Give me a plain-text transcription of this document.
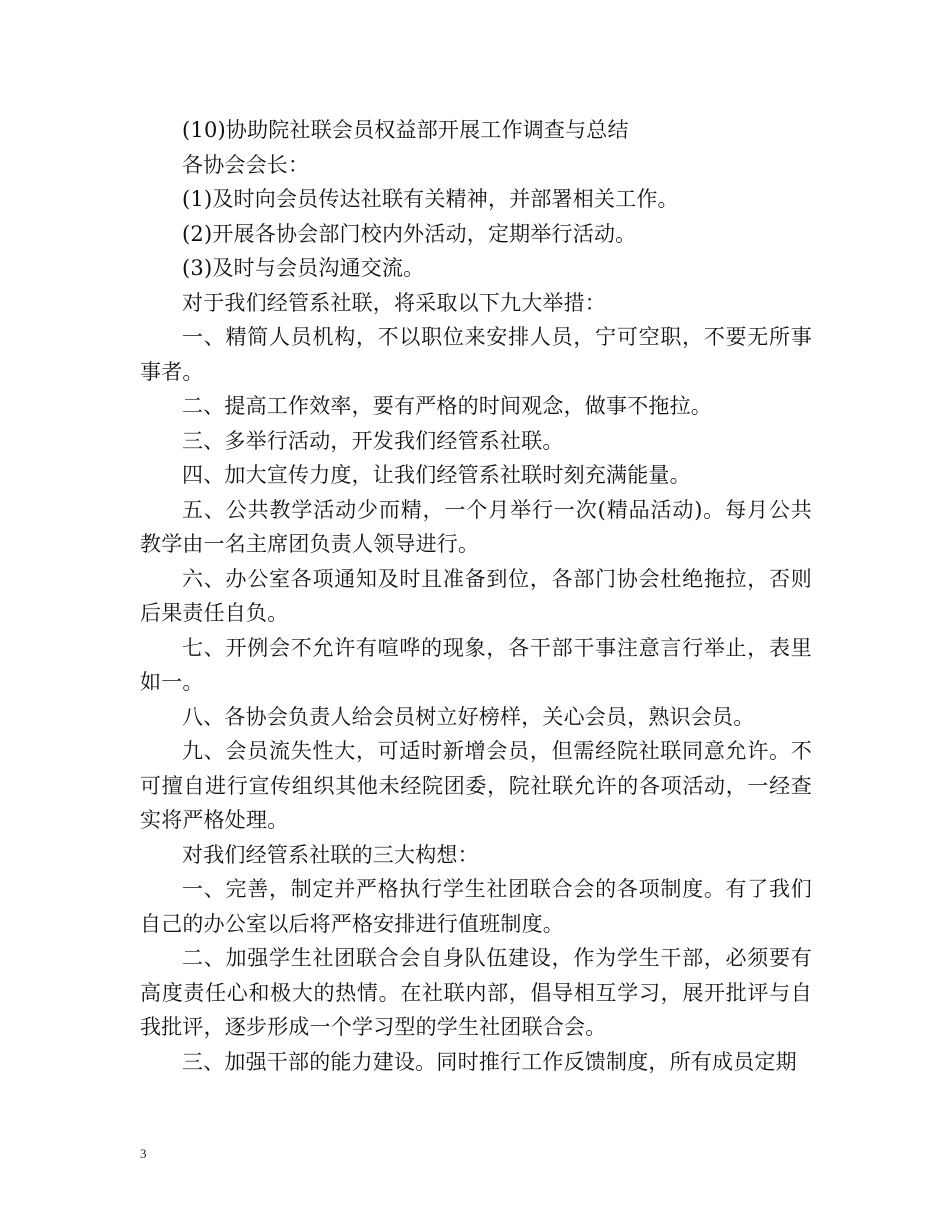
(10)协助院社联会员权益部开展工作调查与总结

各协会会长：

(1)及时向会员传达社联有关精神，并部署相关工作。

(2)开展各协会部门校内外活动，定期举行活动。

(3)及时与会员沟通交流。

对于我们经管系社联，将采取以下九大举措：

一、精简人员机构，不以职位来安排人员，宁可空职，不要无所事事者。

二、提高工作效率，要有严格的时间观念，做事不拖拉。

三、多举行活动，开发我们经管系社联。

四、加大宣传力度，让我们经管系社联时刻充满能量。

五、公共教学活动少而精，一个月举行一次(精品活动)。每月公共教学由一名主席团负责人领导进行。

六、办公室各项通知及时且准备到位，各部门协会杜绝拖拉，否则后果责任自负。

七、开例会不允许有喧哗的现象，各干部干事注意言行举止，表里如一。

八、各协会负责人给会员树立好榜样，关心会员，熟识会员。

九、会员流失性大，可适时新增会员，但需经院社联同意允许。不可擅自进行宣传组织其他未经院团委，院社联允许的各项活动，一经查实将严格处理。

对我们经管系社联的三大构想：

一、完善，制定并严格执行学生社团联合会的各项制度。有了我们自己的办公室以后将严格安排进行值班制度。

二、加强学生社团联合会自身队伍建设，作为学生干部，必须要有高度责任心和极大的热情。在社联内部，倡导相互学习，展开批评与自我批评，逐步形成一个学习型的学生社团联合会。

三、加强干部的能力建设。同时推行工作反馈制度，所有成员定期

3
